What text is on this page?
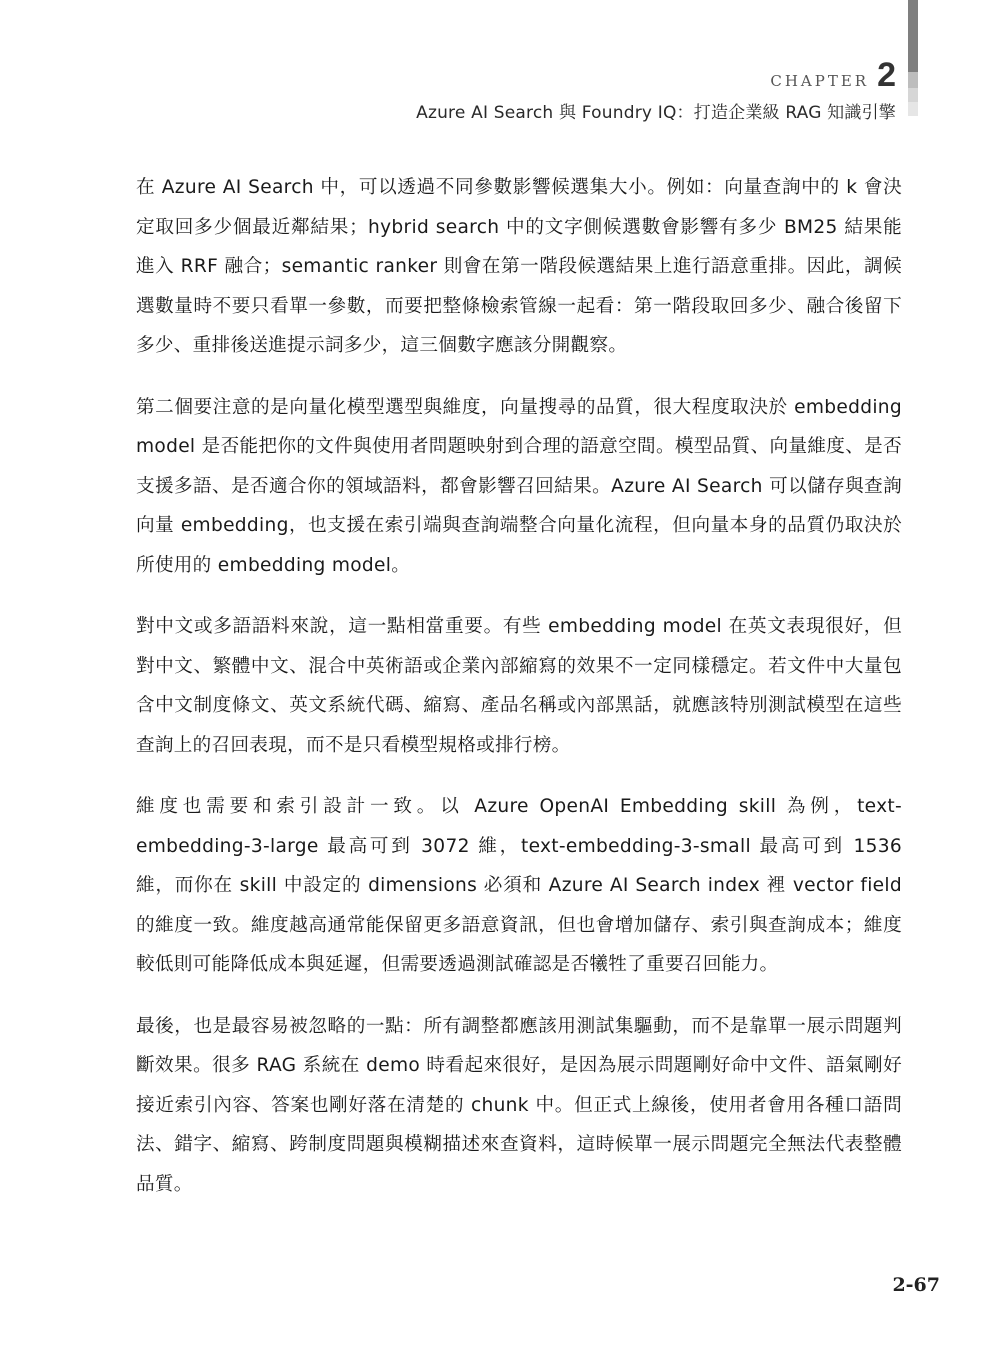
CHAPTER 2
Azure AI Search 與 Foundry IQ：打造企業級 RAG 知識引擎

在 Azure AI Search 中，可以透過不同參數影響候選集大小。例如：向量查詢中的 k 會決定取回多少個最近鄰結果；hybrid search 中的文字側候選數會影響有多少 BM25 結果能進入 RRF 融合；semantic ranker 則會在第一階段候選結果上進行語意重排。因此，調候選數量時不要只看單一參數，而要把整條檢索管線一起看：第一階段取回多少、融合後留下多少、重排後送進提示詞多少，這三個數字應該分開觀察。

第二個要注意的是向量化模型選型與維度，向量搜尋的品質，很大程度取決於 embedding model 是否能把你的文件與使用者問題映射到合理的語意空間。模型品質、向量維度、是否支援多語、是否適合你的領域語料，都會影響召回結果。Azure AI Search 可以儲存與查詢向量 embedding，也支援在索引端與查詢端整合向量化流程，但向量本身的品質仍取決於所使用的 embedding model。

對中文或多語語料來說，這一點相當重要。有些 embedding model 在英文表現很好，但對中文、繁體中文、混合中英術語或企業內部縮寫的效果不一定同樣穩定。若文件中大量包含中文制度條文、英文系統代碼、縮寫、產品名稱或內部黑話，就應該特別測試模型在這些查詢上的召回表現，而不是只看模型規格或排行榜。

維度也需要和索引設計一致。以 Azure OpenAI Embedding skill 為例，text-embedding-3-large 最高可到 3072 維，text-embedding-3-small 最高可到 1536 維，而你在 skill 中設定的 dimensions 必須和 Azure AI Search index 裡 vector field 的維度一致。維度越高通常能保留更多語意資訊，但也會增加儲存、索引與查詢成本；維度較低則可能降低成本與延遲，但需要透過測試確認是否犧牲了重要召回能力。

最後，也是最容易被忽略的一點：所有調整都應該用測試集驅動，而不是靠單一展示問題判斷效果。很多 RAG 系統在 demo 時看起來很好，是因為展示問題剛好命中文件、語氣剛好接近索引內容、答案也剛好落在清楚的 chunk 中。但正式上線後，使用者會用各種口語問法、錯字、縮寫、跨制度問題與模糊描述來查資料，這時候單一展示問題完全無法代表整體品質。

2-67
